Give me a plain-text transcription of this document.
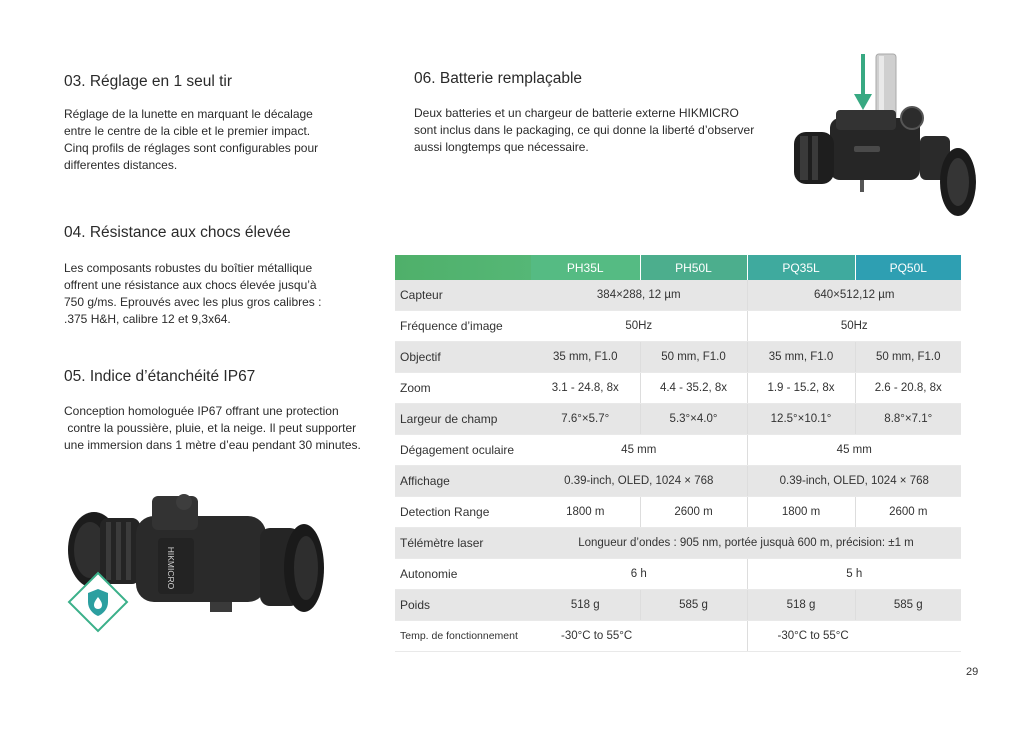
03. Réglage en 1 seul tir

Réglage de la lunette en marquant le décalage

entre le centre de la cible et le premier impact.

Cinq profils de réglages sont configurables pour

differentes distances.

04. Résistance aux chocs élevée

Les composants robustes du boîtier métallique

offrent une résistance aux chocs élevée jusqu’à

750 g/ms. Eprouvés avec les plus gros calibres :

.375 H&H, calibre 12 et 9,3x64.

05. Indice d’étanchéité IP67

Conception homologuée IP67 offrant une protection

contre la poussière, pluie, et la neige. Il peut supporter

une immersion dans 1 mètre d’eau pendant 30 minutes.

06. Batterie remplaçable

Deux batteries et un chargeur de batterie externe HIKMICRO

sont inclus dans le packaging, ce qui donne la liberté d’observer

aussi longtemps que nécessaire.

HIKMICRO
	PH35L	PH50L	PQ35L	PQ50L
Capteur	384×288, 12 µm		640×512,12 µm	
Fréquence d’image	50Hz		50Hz	
Objectif	35 mm, F1.0	50 mm, F1.0	35 mm, F1.0	50 mm, F1.0
Zoom	3.1 - 24.8, 8x	4.4 - 35.2, 8x	1.9 - 15.2, 8x	2.6 - 20.8, 8x
Largeur de champ	7.6°×5.7°	5.3°×4.0°	12.5°×10.1°	8.8°×7.1°
Dégagement oculaire	45 mm		45 mm	
Affichage	0.39-inch, OLED, 1024 × 768		0.39-inch, OLED, 1024 × 768	
Detection Range	1800 m	2600 m	1800 m	2600 m
Télémètre laser	Longueur d’ondes : 905 nm, portée jusquà 600 m, précision: ±1 m			
Autonomie	6 h		5 h	
Poids	518 g	585 g	518 g	585 g
Temp. de fonctionnement	-30°C to 55°C		-30°C to 55°C	
29
